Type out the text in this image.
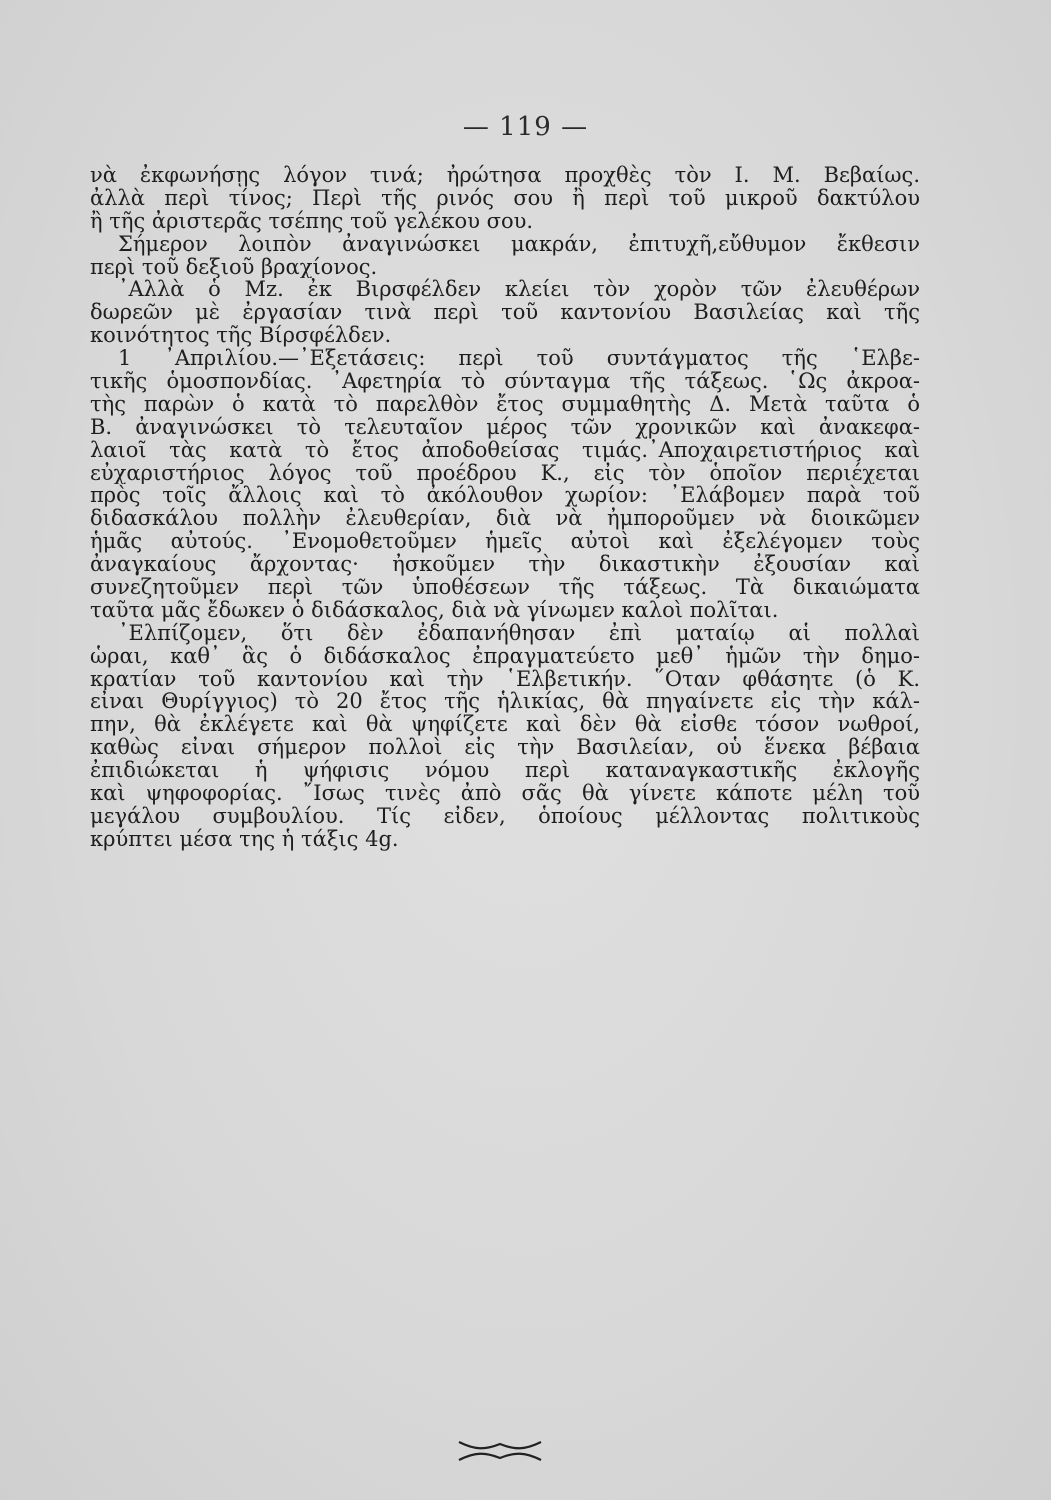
— 119 —
νὰ ἐκφωνήσῃς λόγον τινά; ἠρώτησα προχθὲς τὸν Ι. Μ. Βεβαίως.
ἀλλὰ περὶ τίνος; Περὶ τῆς ρινός σου ἢ περὶ τοῦ μικροῦ δακτύλου
ἢ τῆς ἀριστερᾶς τσέπης τοῦ γελέκου σου.
Σήμερον λοιπὸν ἀναγινώσκει μακράν, ἐπιτυχῆ,εὔθυμον ἔκθεσιν
περὶ τοῦ δεξιοῦ βραχίονος.
᾿Αλλὰ ὁ Μz. ἐκ Βιρσφέλδεν κλείει τὸν χορὸν τῶν ἐλευθέρων
δωρεῶν μὲ ἐργασίαν τινὰ περὶ τοῦ καντονίου Βασιλείας καὶ τῆς
κοινότητος τῆς Βίρσφέλδεν.
1 ᾿Απριλίου.—᾿Εξετάσεις: περὶ τοῦ συντάγματος τῆς ῾Ελβε-
τικῆς ὁμοσπονδίας. ᾿Αφετηρία τὸ σύνταγμα τῆς τάξεως. ῾Ως ἀκροα-
τὴς παρὼν ὁ κατὰ τὸ παρελθὸν ἔτος συμμαθητὴς Δ. Μετὰ ταῦτα ὁ
Β. ἀναγινώσκει τὸ τελευταῖον μέρος τῶν χρονικῶν καὶ ἀνακεφα-
λαιοῖ τὰς κατὰ τὸ ἔτος ἀποδοθείσας τιμάς.᾿Αποχαιρετιστήριος καὶ
εὐχαριστήριος λόγος τοῦ προέδρου Κ., εἰς τὸν ὁποῖον περιέχεται
πρὸς τοῖς ἄλλοις καὶ τὸ ἀκόλουθον χωρίον: ᾿Ελάβομεν παρὰ τοῦ
διδασκάλου πολλὴν ἐλευθερίαν, διὰ νὰ ἠμποροῦμεν νὰ διοικῶμεν
ἡμᾶς αὐτούς. ᾿Ενομοθετοῦμεν ἡμεῖς αὐτοὶ καὶ ἐξελέγομεν τοὺς
ἀναγκαίους ἄρχοντας· ἠσκοῦμεν τὴν δικαστικὴν ἐξουσίαν καὶ
συνεζητοῦμεν περὶ τῶν ὑποθέσεων τῆς τάξεως. Τὰ δικαιώματα
ταῦτα μᾶς ἔδωκεν ὁ διδάσκαλος, διὰ νὰ γίνωμεν καλοὶ πολῖται.
᾿Ελπίζομεν, ὅτι δὲν ἐδαπανήθησαν ἐπὶ ματαίῳ αἱ πολλαὶ
ὧραι, καθ᾿ ἃς ὁ διδάσκαλος ἐπραγματεύετο μεθ᾿ ἡμῶν τὴν δημο-
κρατίαν τοῦ καντονίου καὶ τὴν ῾Ελβετικήν. ῞Οταν φθάσητε (ὁ Κ.
εἶναι Θυρίγγιος) τὸ 20 ἔτος τῆς ἡλικίας, θὰ πηγαίνετε εἰς τὴν κάλ-
πην, θὰ ἐκλέγετε καὶ θὰ ψηφίζετε καὶ δὲν θὰ εἶσθε τόσον νωθροί,
καθὼς εἶναι σήμερον πολλοὶ εἰς τὴν Βασιλείαν, οὗ ἕνεκα βέβαια
ἐπιδιώκεται ἡ ψήφισις νόμου περὶ καταναγκαστικῆς ἐκλογῆς
καὶ ψηφοφορίας. ῎Ισως τινὲς ἀπὸ σᾶς θὰ γίνετε κάποτε μέλη τοῦ
μεγάλου συμβουλίου. Τίς εἶδεν, ὁποίους μέλλοντας πολιτικοὺς
κρύπτει μέσα της ἡ τάξις 4g.
